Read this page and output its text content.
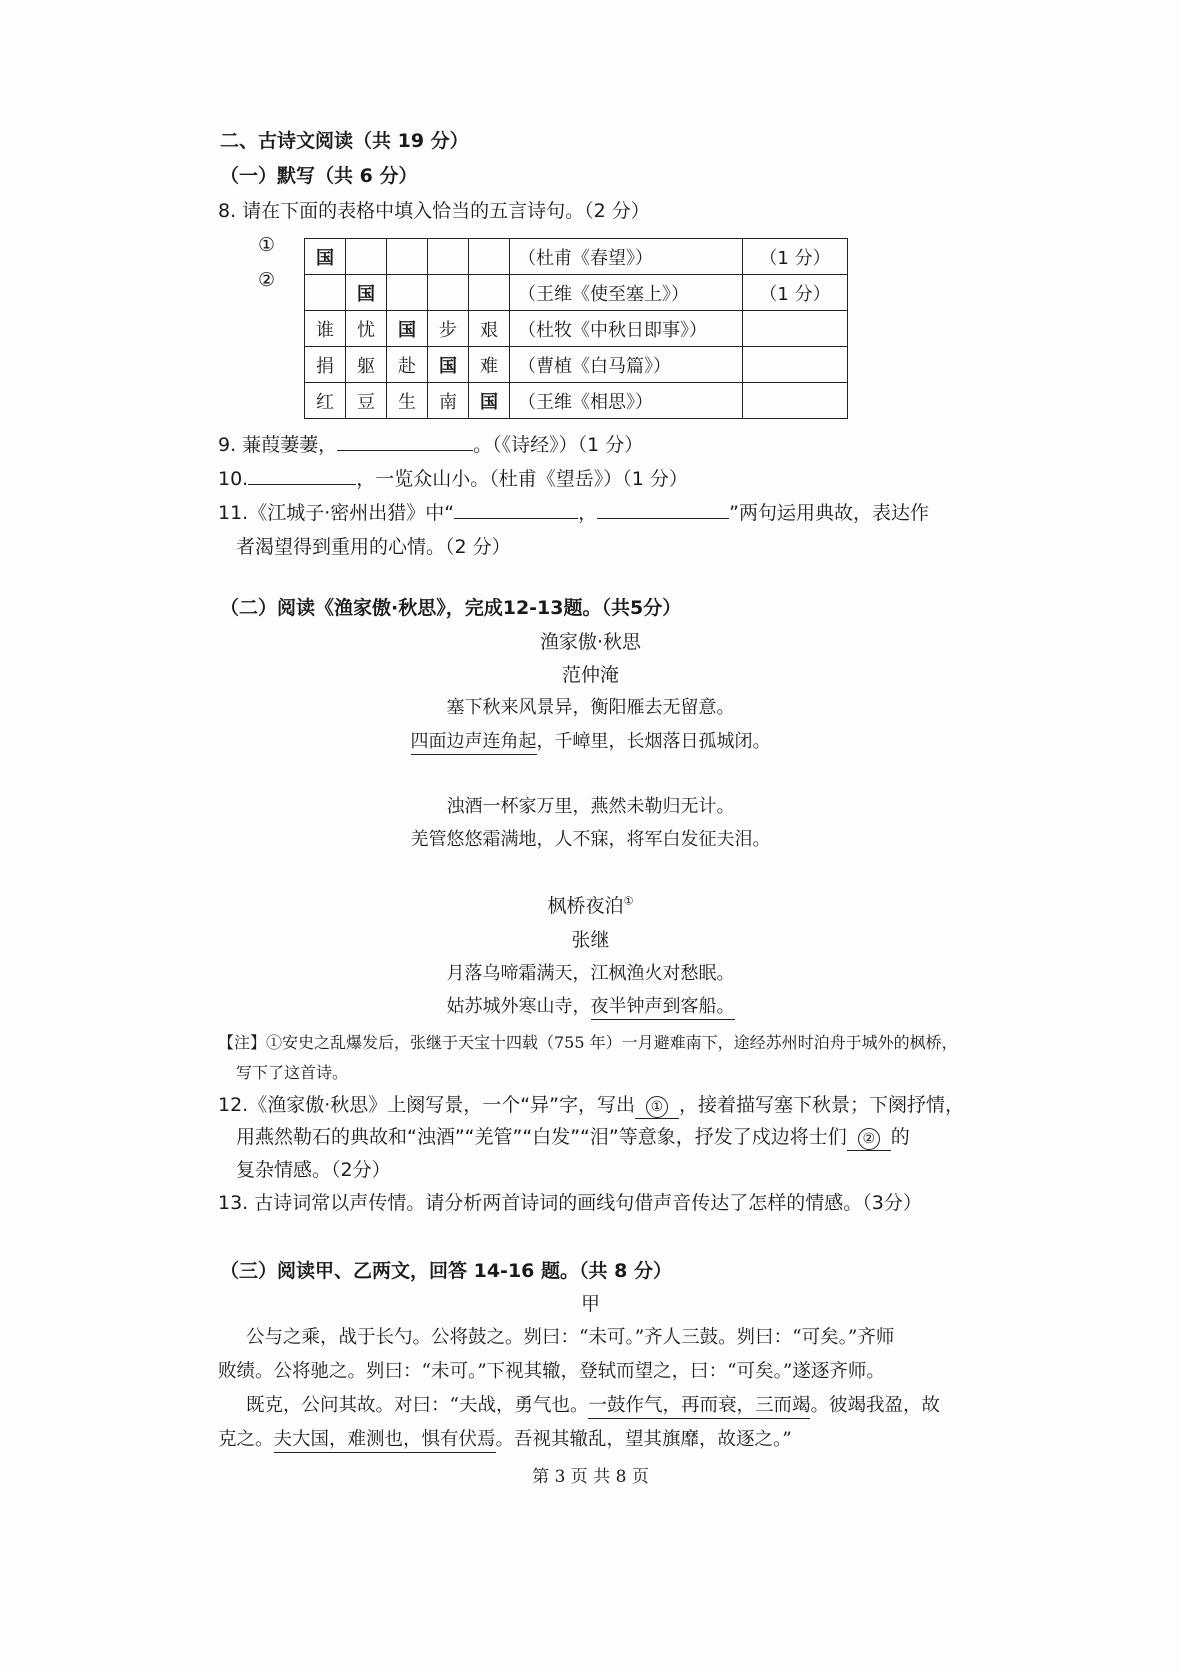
二、古诗文阅读（共 19 分）
（一）默写（共 6 分）
8. 请在下面的表格中填入恰当的五言诗句。（2 分）
①
②
国					（杜甫《春望》）	（1 分）
	国				（王维《使至塞上》）	（1 分）
谁	忧	国	步	艰	（杜牧《中秋日即事》）	
捐	躯	赴	国	难	（曹植《白马篇》）	
红	豆	生	南	国	（王维《相思》）	
9. 蒹葭萋萋，	。（《诗经》）（1 分）
10.	，一览众山小。（杜甫《望岳》）（1 分）
11.《江城子·密州出猎》中“	，	”两句运用典故，表达作
者渴望得到重用的心情。（2 分）
（二）阅读《渔家傲·秋思》，完成12-13题。（共5分）
渔家傲·秋思
范仲淹
塞下秋来风景异，衡阳雁去无留意。
四面边声连角起，千嶂里，长烟落日孤城闭。
浊酒一杯家万里，燕然未勒归无计。
羌管悠悠霜满地，人不寐，将军白发征夫泪。
枫桥夜泊①
张继
月落乌啼霜满天，江枫渔火对愁眠。
姑苏城外寒山寺，夜半钟声到客船。
【注】①安史之乱爆发后，张继于天宝十四载（755 年）一月避难南下，途经苏州时泊舟于城外的枫桥，
写下了这首诗。
12.《渔家傲·秋思》上阕写景，一个“异”字，写出 ① ，接着描写塞下秋景；下阕抒情，
用燕然勒石的典故和“浊酒”“羌管”“白发”“泪”等意象，抒发了戍边将士们 ② 的
复杂情感。（2分）
13. 古诗词常以声传情。请分析两首诗词的画线句借声音传达了怎样的情感。（3分）
（三）阅读甲、乙两文，回答 14-16 题。（共 8 分）
甲
公与之乘，战于长勺。公将鼓之。刿曰：“未可。”齐人三鼓。刿曰：“可矣。”齐师
败绩。公将驰之。刿曰：“未可。”下视其辙，登轼而望之，曰：“可矣。”遂逐齐师。
既克，公问其故。对曰：“夫战，勇气也。一鼓作气，再而衰，三而竭。彼竭我盈，故
克之。夫大国，难测也，惧有伏焉。吾视其辙乱，望其旗靡，故逐之。”
第 3 页 共 8 页
